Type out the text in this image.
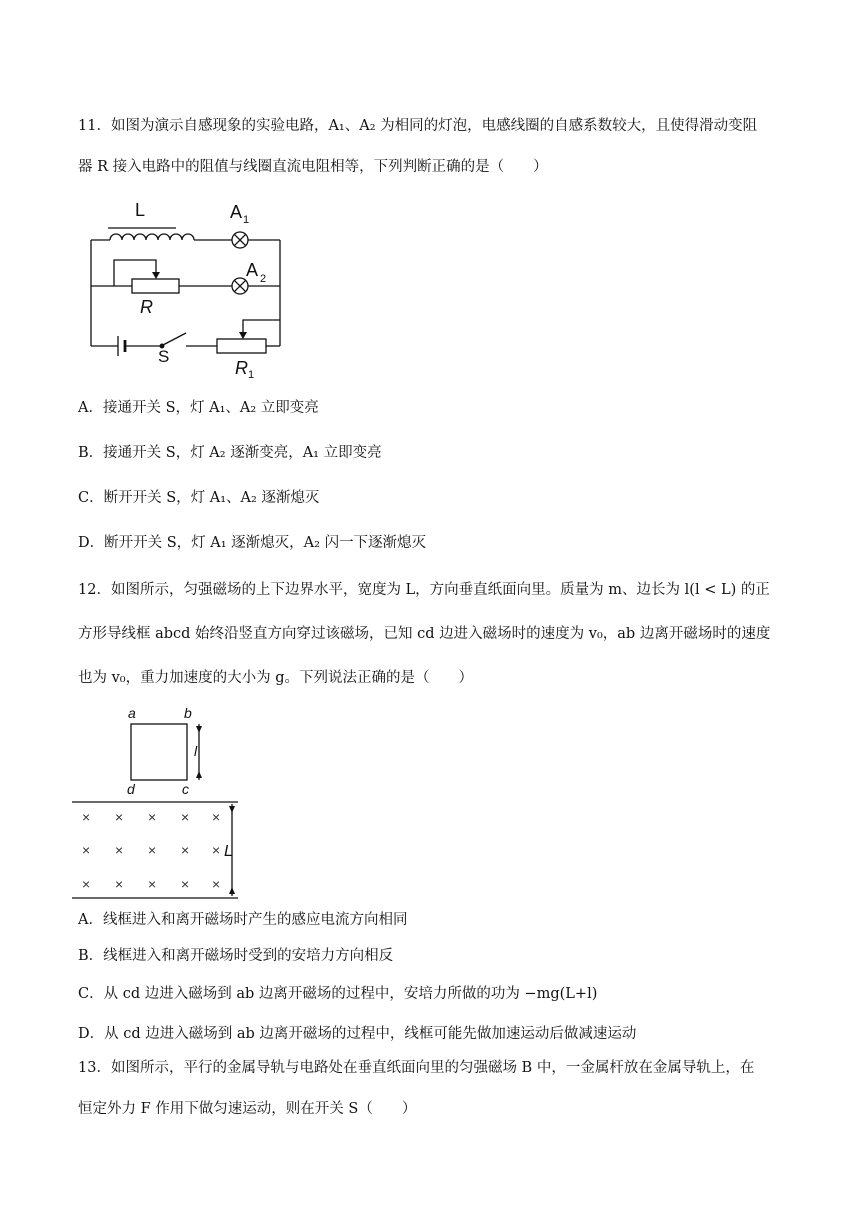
11．如图为演示自感现象的实验电路，A₁、A₂ 为相同的灯泡，电感线圈的自感系数较大，且使得滑动变阻
器 R 接入电路中的阻值与线圈直流电阻相等，下列判断正确的是（　　）
L	A 1
A 2
R
S
R 1
A．接通开关 S，灯 A₁、A₂ 立即变亮
B．接通开关 S，灯 A₂ 逐渐变亮，A₁ 立即变亮
C．断开开关 S，灯 A₁、A₂ 逐渐熄灭
D．断开开关 S，灯 A₁ 逐渐熄灭，A₂ 闪一下逐渐熄灭
12．如图所示，匀强磁场的上下边界水平，宽度为 L，方向垂直纸面向里。质量为 m、边长为 l(l < L) 的正
方形导线框 abcd 始终沿竖直方向穿过该磁场，已知 cd 边进入磁场时的速度为 v₀，ab 边离开磁场时的速度
也为 v₀，重力加速度的大小为 g。下列说法正确的是（　　）
a	b
c
d
l
L
× × × × ×
× × × × ×
× × × × ×
A．线框进入和离开磁场时产生的感应电流方向相同
B．线框进入和离开磁场时受到的安培力方向相反
C．从 cd 边进入磁场到 ab 边离开磁场的过程中，安培力所做的功为 −mg(L+l)
D．从 cd 边进入磁场到 ab 边离开磁场的过程中，线框可能先做加速运动后做减速运动
13．如图所示，平行的金属导轨与电路处在垂直纸面向里的匀强磁场 B 中，一金属杆放在金属导轨上，在
恒定外力 F 作用下做匀速运动，则在开关 S（　　）
